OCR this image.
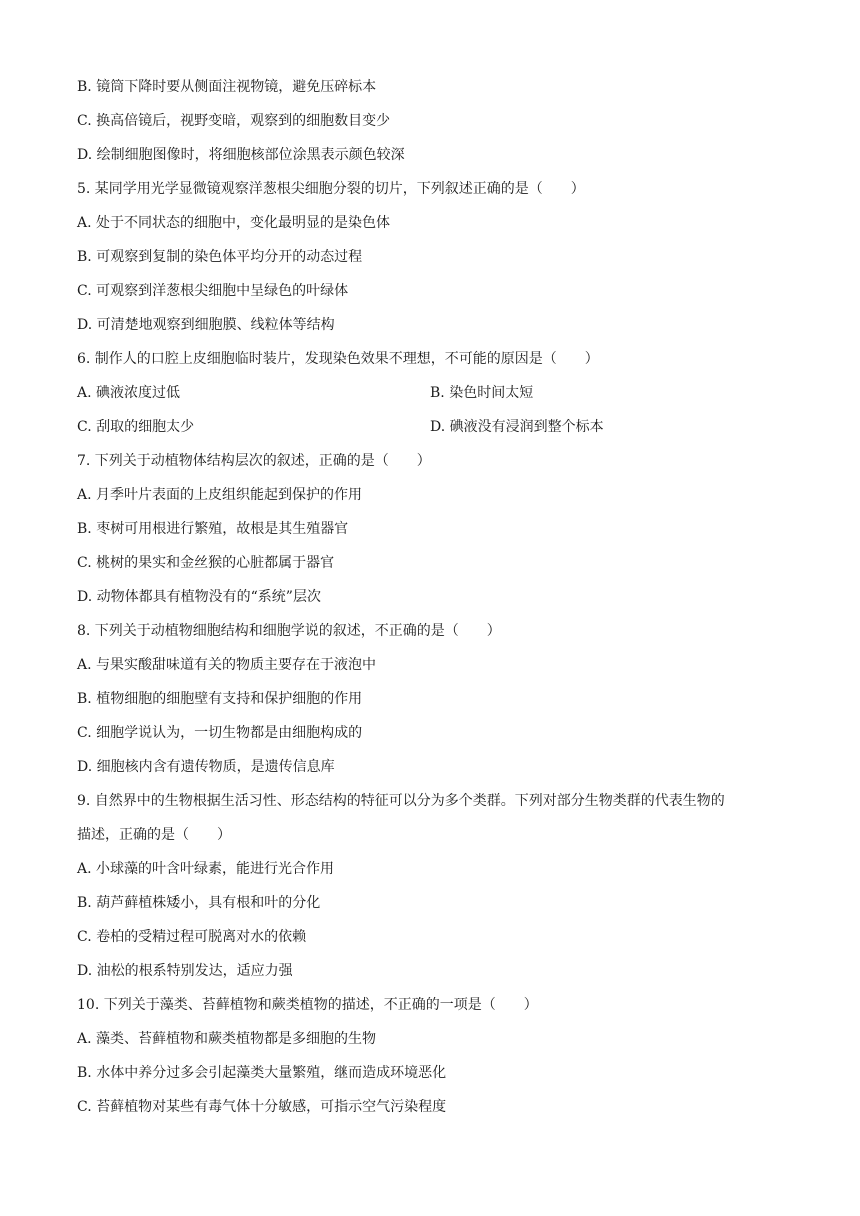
B. 镜筒下降时要从侧面注视物镜，避免压碎标本
C. 换高倍镜后，视野变暗，观察到的细胞数目变少
D. 绘制细胞图像时，将细胞核部位涂黑表示颜色较深
5. 某同学用光学显微镜观察洋葱根尖细胞分裂的切片，下列叙述正确的是（　　）
A. 处于不同状态的细胞中，变化最明显的是染色体
B. 可观察到复制的染色体平均分开的动态过程
C. 可观察到洋葱根尖细胞中呈绿色的叶绿体
D. 可清楚地观察到细胞膜、线粒体等结构
6. 制作人的口腔上皮细胞临时装片，发现染色效果不理想，不可能的原因是（　　）
A. 碘液浓度过低	B. 染色时间太短
C. 刮取的细胞太少	D. 碘液没有浸润到整个标本
7. 下列关于动植物体结构层次的叙述，正确的是（　　）
A. 月季叶片表面的上皮组织能起到保护的作用
B. 枣树可用根进行繁殖，故根是其生殖器官
C. 桃树的果实和金丝猴的心脏都属于器官
D. 动物体都具有植物没有的“系统”层次
8. 下列关于动植物细胞结构和细胞学说的叙述，不正确的是（　　）
A. 与果实酸甜味道有关的物质主要存在于液泡中
B. 植物细胞的细胞壁有支持和保护细胞的作用
C. 细胞学说认为，一切生物都是由细胞构成的
D. 细胞核内含有遗传物质，是遗传信息库
9. 自然界中的生物根据生活习性、形态结构的特征可以分为多个类群。下列对部分生物类群的代表生物的
描述，正确的是（　　）
A. 小球藻的叶含叶绿素，能进行光合作用
B. 葫芦藓植株矮小，具有根和叶的分化
C. 卷柏的受精过程可脱离对水的依赖
D. 油松的根系特别发达，适应力强
10. 下列关于藻类、苔藓植物和蕨类植物的描述，不正确的一项是（　　）
A. 藻类、苔藓植物和蕨类植物都是多细胞的生物
B. 水体中养分过多会引起藻类大量繁殖，继而造成环境恶化
C. 苔藓植物对某些有毒气体十分敏感，可指示空气污染程度
